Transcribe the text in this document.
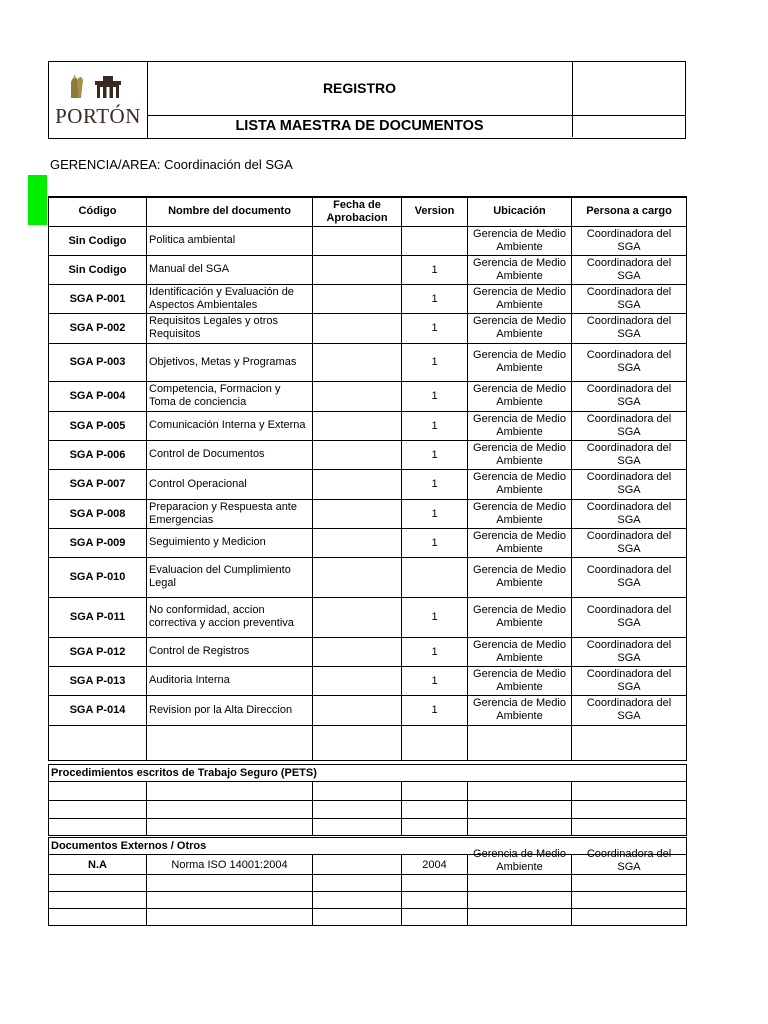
PORTÓN
REGISTRO
LISTA MAESTRA DE DOCUMENTOS
GERENCIA/AREA: Coordinación del SGA
Código	Nombre del documento	Fecha de Aprobacion	Version	Ubicación	Persona a cargo
Sin Codigo	Politica ambiental			Gerencia de Medio Ambiente	Coordinadora del SGA
Sin Codigo	Manual del SGA		1	Gerencia de Medio Ambiente	Coordinadora del SGA
SGA P-001	Identificación y Evaluación de Aspectos Ambientales		1	Gerencia de Medio Ambiente	Coordinadora del SGA
SGA P-002	Requisitos Legales y otros Requisitos		1	Gerencia de Medio Ambiente	Coordinadora del SGA
SGA P-003	Objetivos, Metas y Programas		1	Gerencia de Medio Ambiente	Coordinadora del SGA
SGA P-004	Competencia, Formacion y Toma de conciencia		1	Gerencia de Medio Ambiente	Coordinadora del SGA
SGA P-005	Comunicación Interna y Externa		1	Gerencia de Medio Ambiente	Coordinadora del SGA
SGA P-006	Control de Documentos		1	Gerencia de Medio Ambiente	Coordinadora del SGA
SGA P-007	Control Operacional		1	Gerencia de Medio Ambiente	Coordinadora del SGA
SGA P-008	Preparacion y Respuesta ante Emergencias		1	Gerencia de Medio Ambiente	Coordinadora del SGA
SGA P-009	Seguimiento y Medicion		1	Gerencia de Medio Ambiente	Coordinadora del SGA
SGA P-010	Evaluacion del Cumplimiento Legal			Gerencia de Medio Ambiente	Coordinadora del SGA
SGA P-011	No conformidad, accion correctiva y accion preventiva		1	Gerencia de Medio Ambiente	Coordinadora del SGA
SGA P-012	Control de Registros		1	Gerencia de Medio Ambiente	Coordinadora del SGA
SGA P-013	Auditoria Interna		1	Gerencia de Medio Ambiente	Coordinadora del SGA
SGA P-014	Revision por la Alta Direccion		1	Gerencia de Medio Ambiente	Coordinadora del SGA

Procedimientos escritos de Trabajo Seguro (PETS)					

Documentos Externos / Otros					
N.A	Norma ISO 14001:2004		2004	Gerencia de Medio Ambiente	Coordinadora del SGA
